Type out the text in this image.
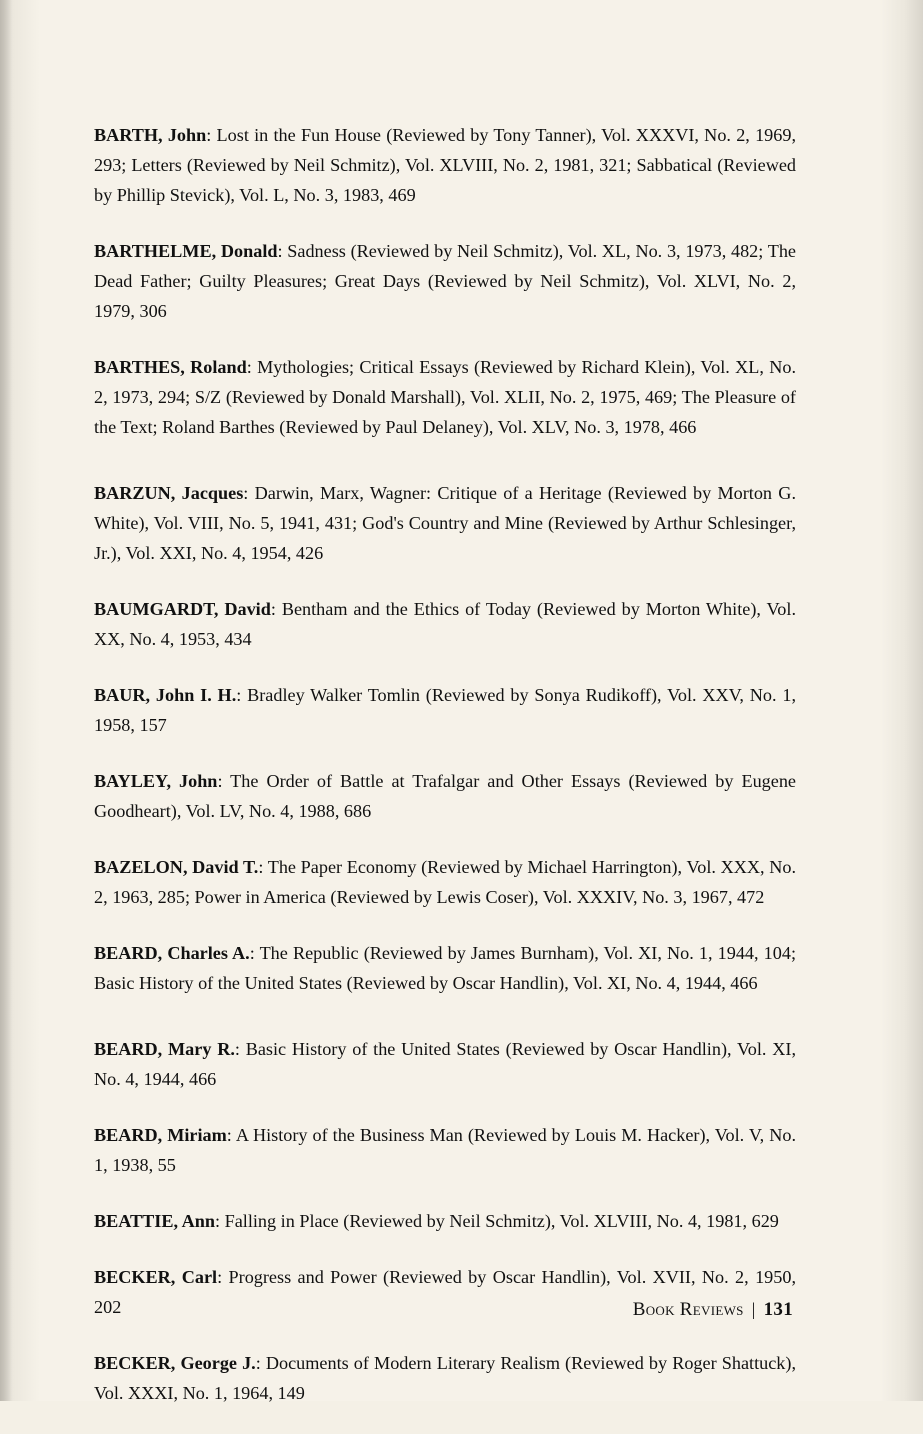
BARTH, John: Lost in the Fun House (Reviewed by Tony Tanner), Vol. XXXVI, No. 2, 1969, 293; Letters (Reviewed by Neil Schmitz), Vol. XLVIII, No. 2, 1981, 321; Sabbatical (Reviewed by Phillip Stevick), Vol. L, No. 3, 1983, 469

BARTHELME, Donald: Sadness (Reviewed by Neil Schmitz), Vol. XL, No. 3, 1973, 482; The Dead Father; Guilty Pleasures; Great Days (Reviewed by Neil Schmitz), Vol. XLVI, No. 2, 1979, 306

BARTHES, Roland: Mythologies; Critical Essays (Reviewed by Richard Klein), Vol. XL, No. 2, 1973, 294; S/Z (Reviewed by Donald Marshall), Vol. XLII, No. 2, 1975, 469; The Pleasure of the Text; Roland Barthes (Reviewed by Paul Delaney), Vol. XLV, No. 3, 1978, 466

BARZUN, Jacques: Darwin, Marx, Wagner: Critique of a Heritage (Reviewed by Morton G. White), Vol. VIII, No. 5, 1941, 431; God's Country and Mine (Reviewed by Arthur Schlesinger, Jr.), Vol. XXI, No. 4, 1954, 426

BAUMGARDT, David: Bentham and the Ethics of Today (Reviewed by Morton White), Vol. XX, No. 4, 1953, 434

BAUR, John I. H.: Bradley Walker Tomlin (Reviewed by Sonya Rudikoff), Vol. XXV, No. 1, 1958, 157

BAYLEY, John: The Order of Battle at Trafalgar and Other Essays (Reviewed by Eugene Goodheart), Vol. LV, No. 4, 1988, 686

BAZELON, David T.: The Paper Economy (Reviewed by Michael Harrington), Vol. XXX, No. 2, 1963, 285; Power in America (Reviewed by Lewis Coser), Vol. XXXIV, No. 3, 1967, 472

BEARD, Charles A.: The Republic (Reviewed by James Burnham), Vol. XI, No. 1, 1944, 104; Basic History of the United States (Reviewed by Oscar Handlin), Vol. XI, No. 4, 1944, 466

BEARD, Mary R.: Basic History of the United States (Reviewed by Oscar Handlin), Vol. XI, No. 4, 1944, 466

BEARD, Miriam: A History of the Business Man (Reviewed by Louis M. Hacker), Vol. V, No. 1, 1938, 55

BEATTIE, Ann: Falling in Place (Reviewed by Neil Schmitz), Vol. XLVIII, No. 4, 1981, 629

BECKER, Carl: Progress and Power (Reviewed by Oscar Handlin), Vol. XVII, No. 2, 1950, 202

BECKER, George J.: Documents of Modern Literary Realism (Reviewed by Roger Shattuck), Vol. XXXI, No. 1, 1964, 149

Book Reviews | 131
